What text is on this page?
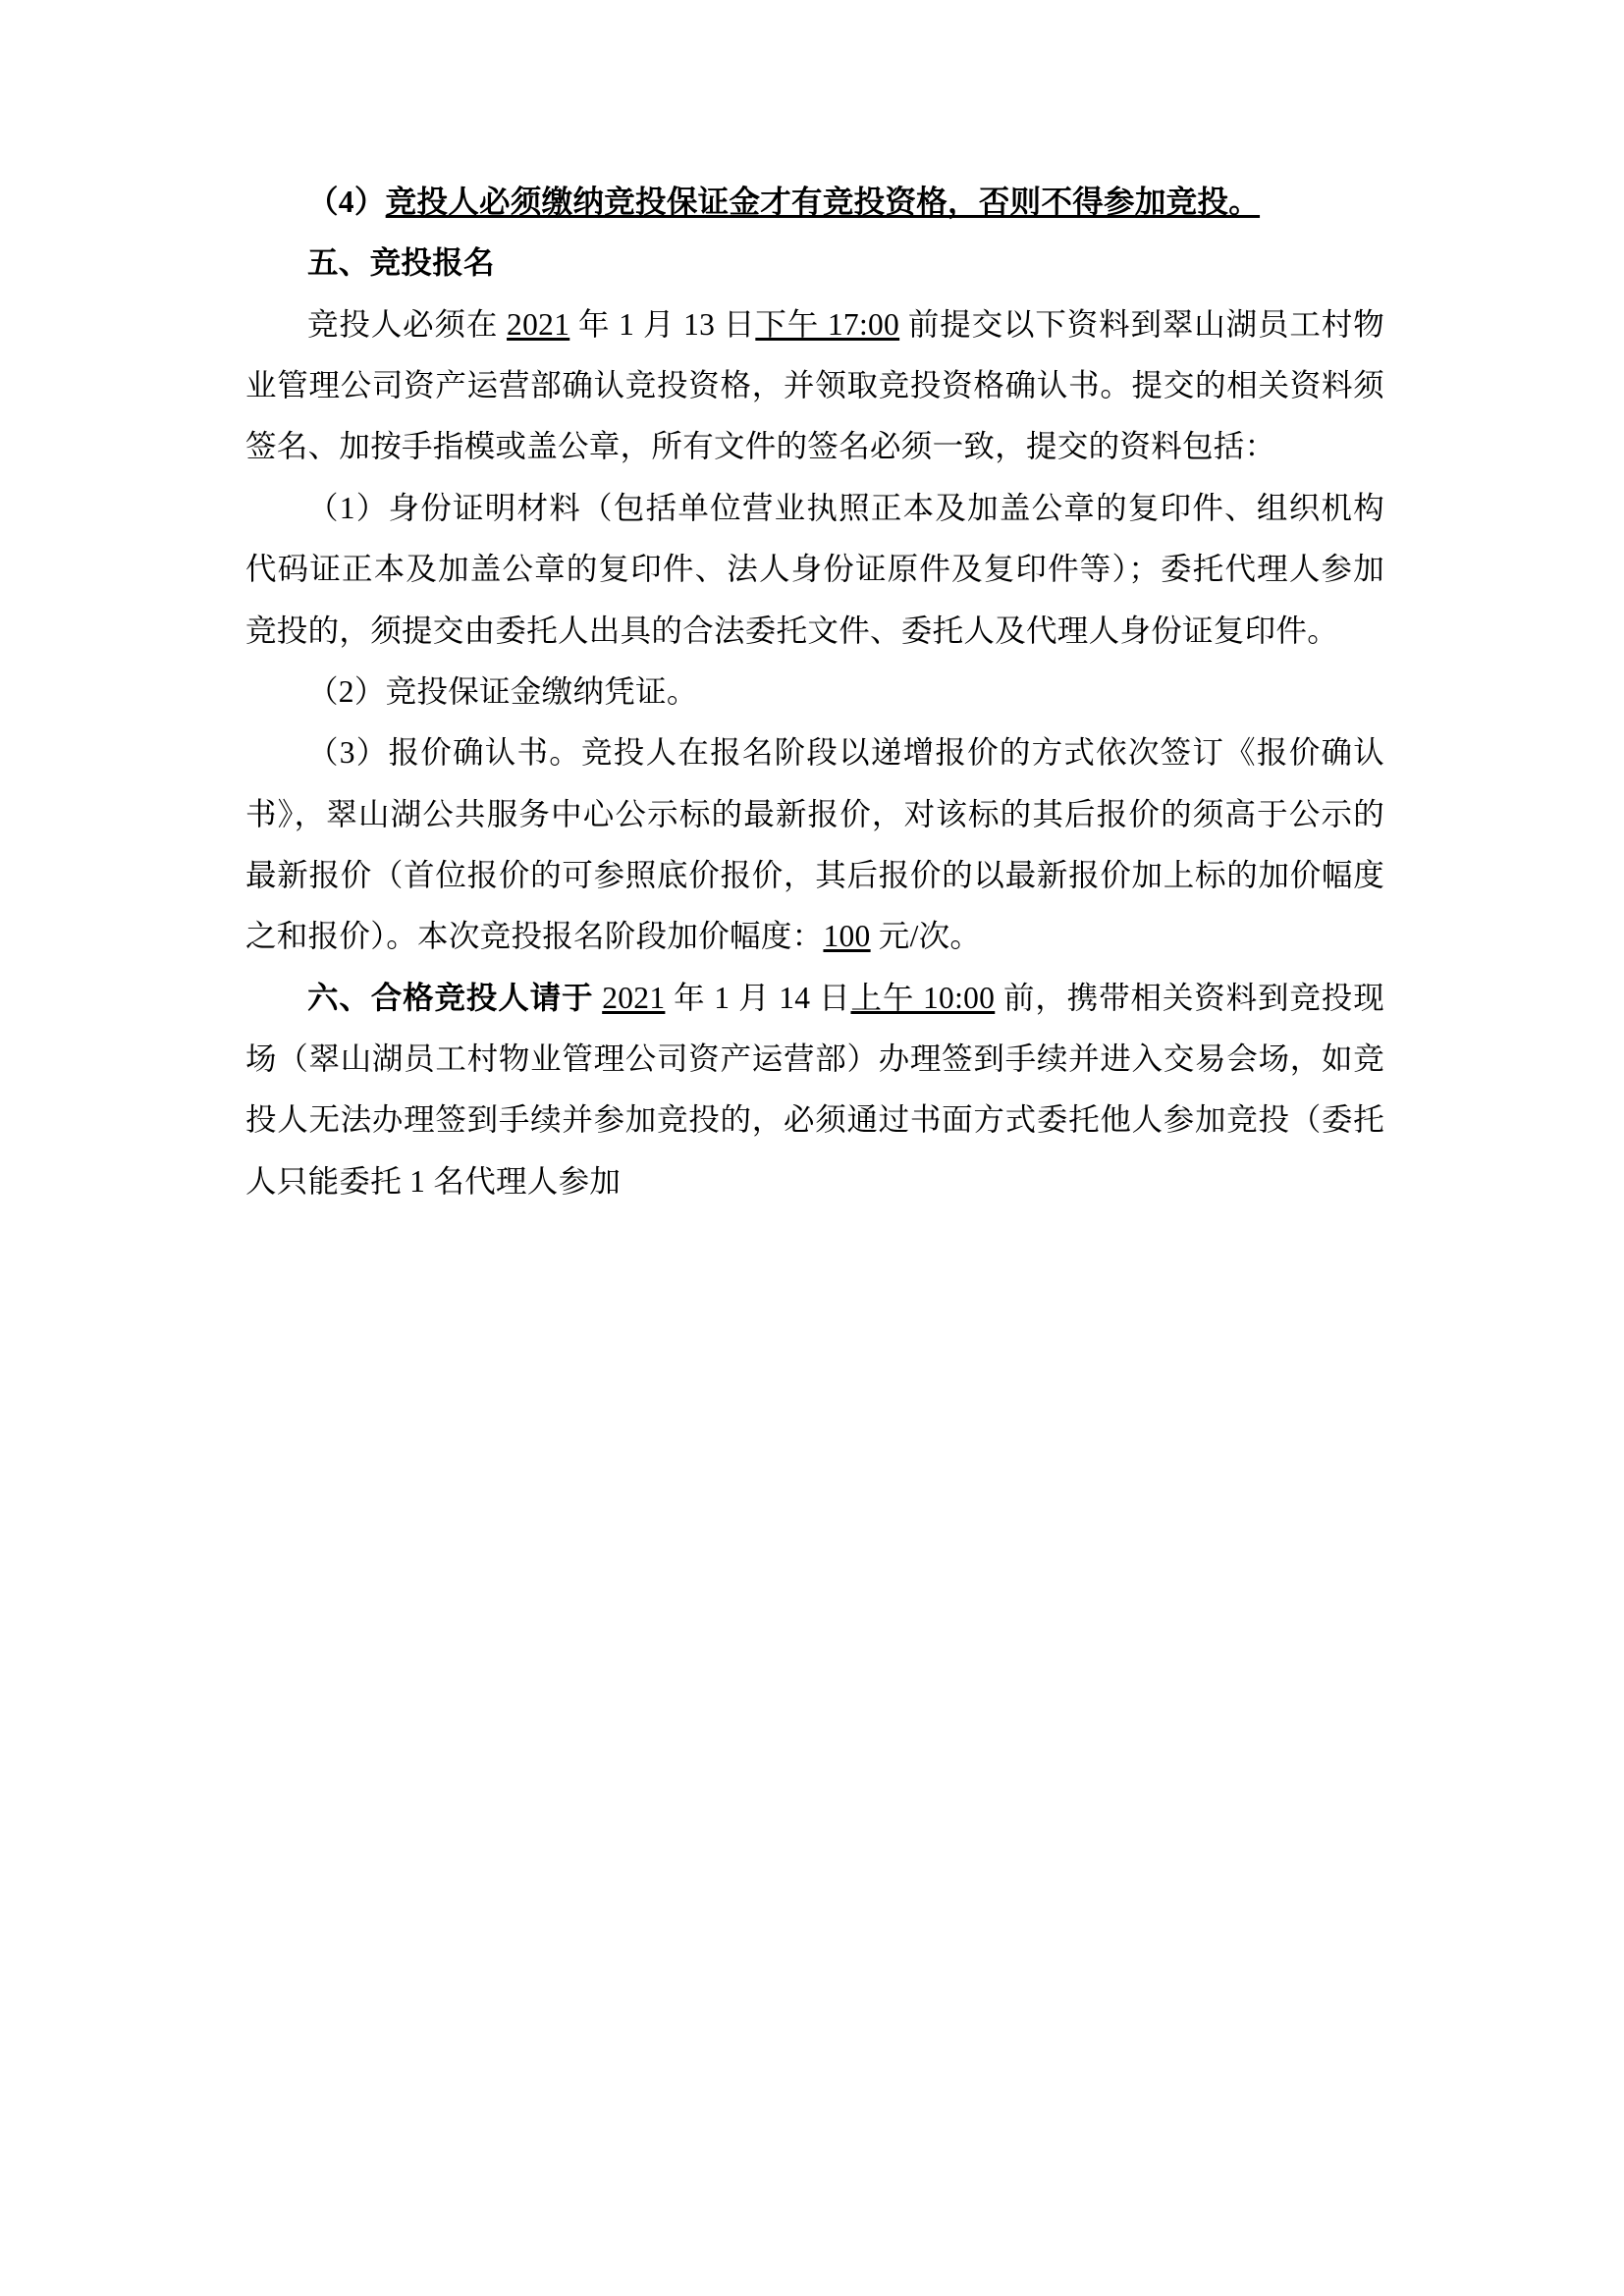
（4）竞投人必须缴纳竞投保证金才有竞投资格，否则不得参加竞投。

五、竞投报名

竞投人必须在 2021 年 1 月 13 日下午 17:00 前提交以下资料到翠山湖员工村物业管理公司资产运营部确认竞投资格，并领取竞投资格确认书。提交的相关资料须签名、加按手指模或盖公章，所有文件的签名必须一致，提交的资料包括：

（1）身份证明材料（包括单位营业执照正本及加盖公章的复印件、组织机构代码证正本及加盖公章的复印件、法人身份证原件及复印件等）；委托代理人参加竞投的，须提交由委托人出具的合法委托文件、委托人及代理人身份证复印件。

（2）竞投保证金缴纳凭证。

（3）报价确认书。竞投人在报名阶段以递增报价的方式依次签订《报价确认书》，翠山湖公共服务中心公示标的最新报价，对该标的其后报价的须高于公示的最新报价（首位报价的可参照底价报价，其后报价的以最新报价加上标的加价幅度之和报价）。本次竞投报名阶段加价幅度：100 元/次。

六、合格竞投人请于 2021 年 1 月 14 日上午 10:00 前，携带相关资料到竞投现场（翠山湖员工村物业管理公司资产运营部）办理签到手续并进入交易会场，如竞投人无法办理签到手续并参加竞投的，必须通过书面方式委托他人参加竞投（委托人只能委托 1 名代理人参加
